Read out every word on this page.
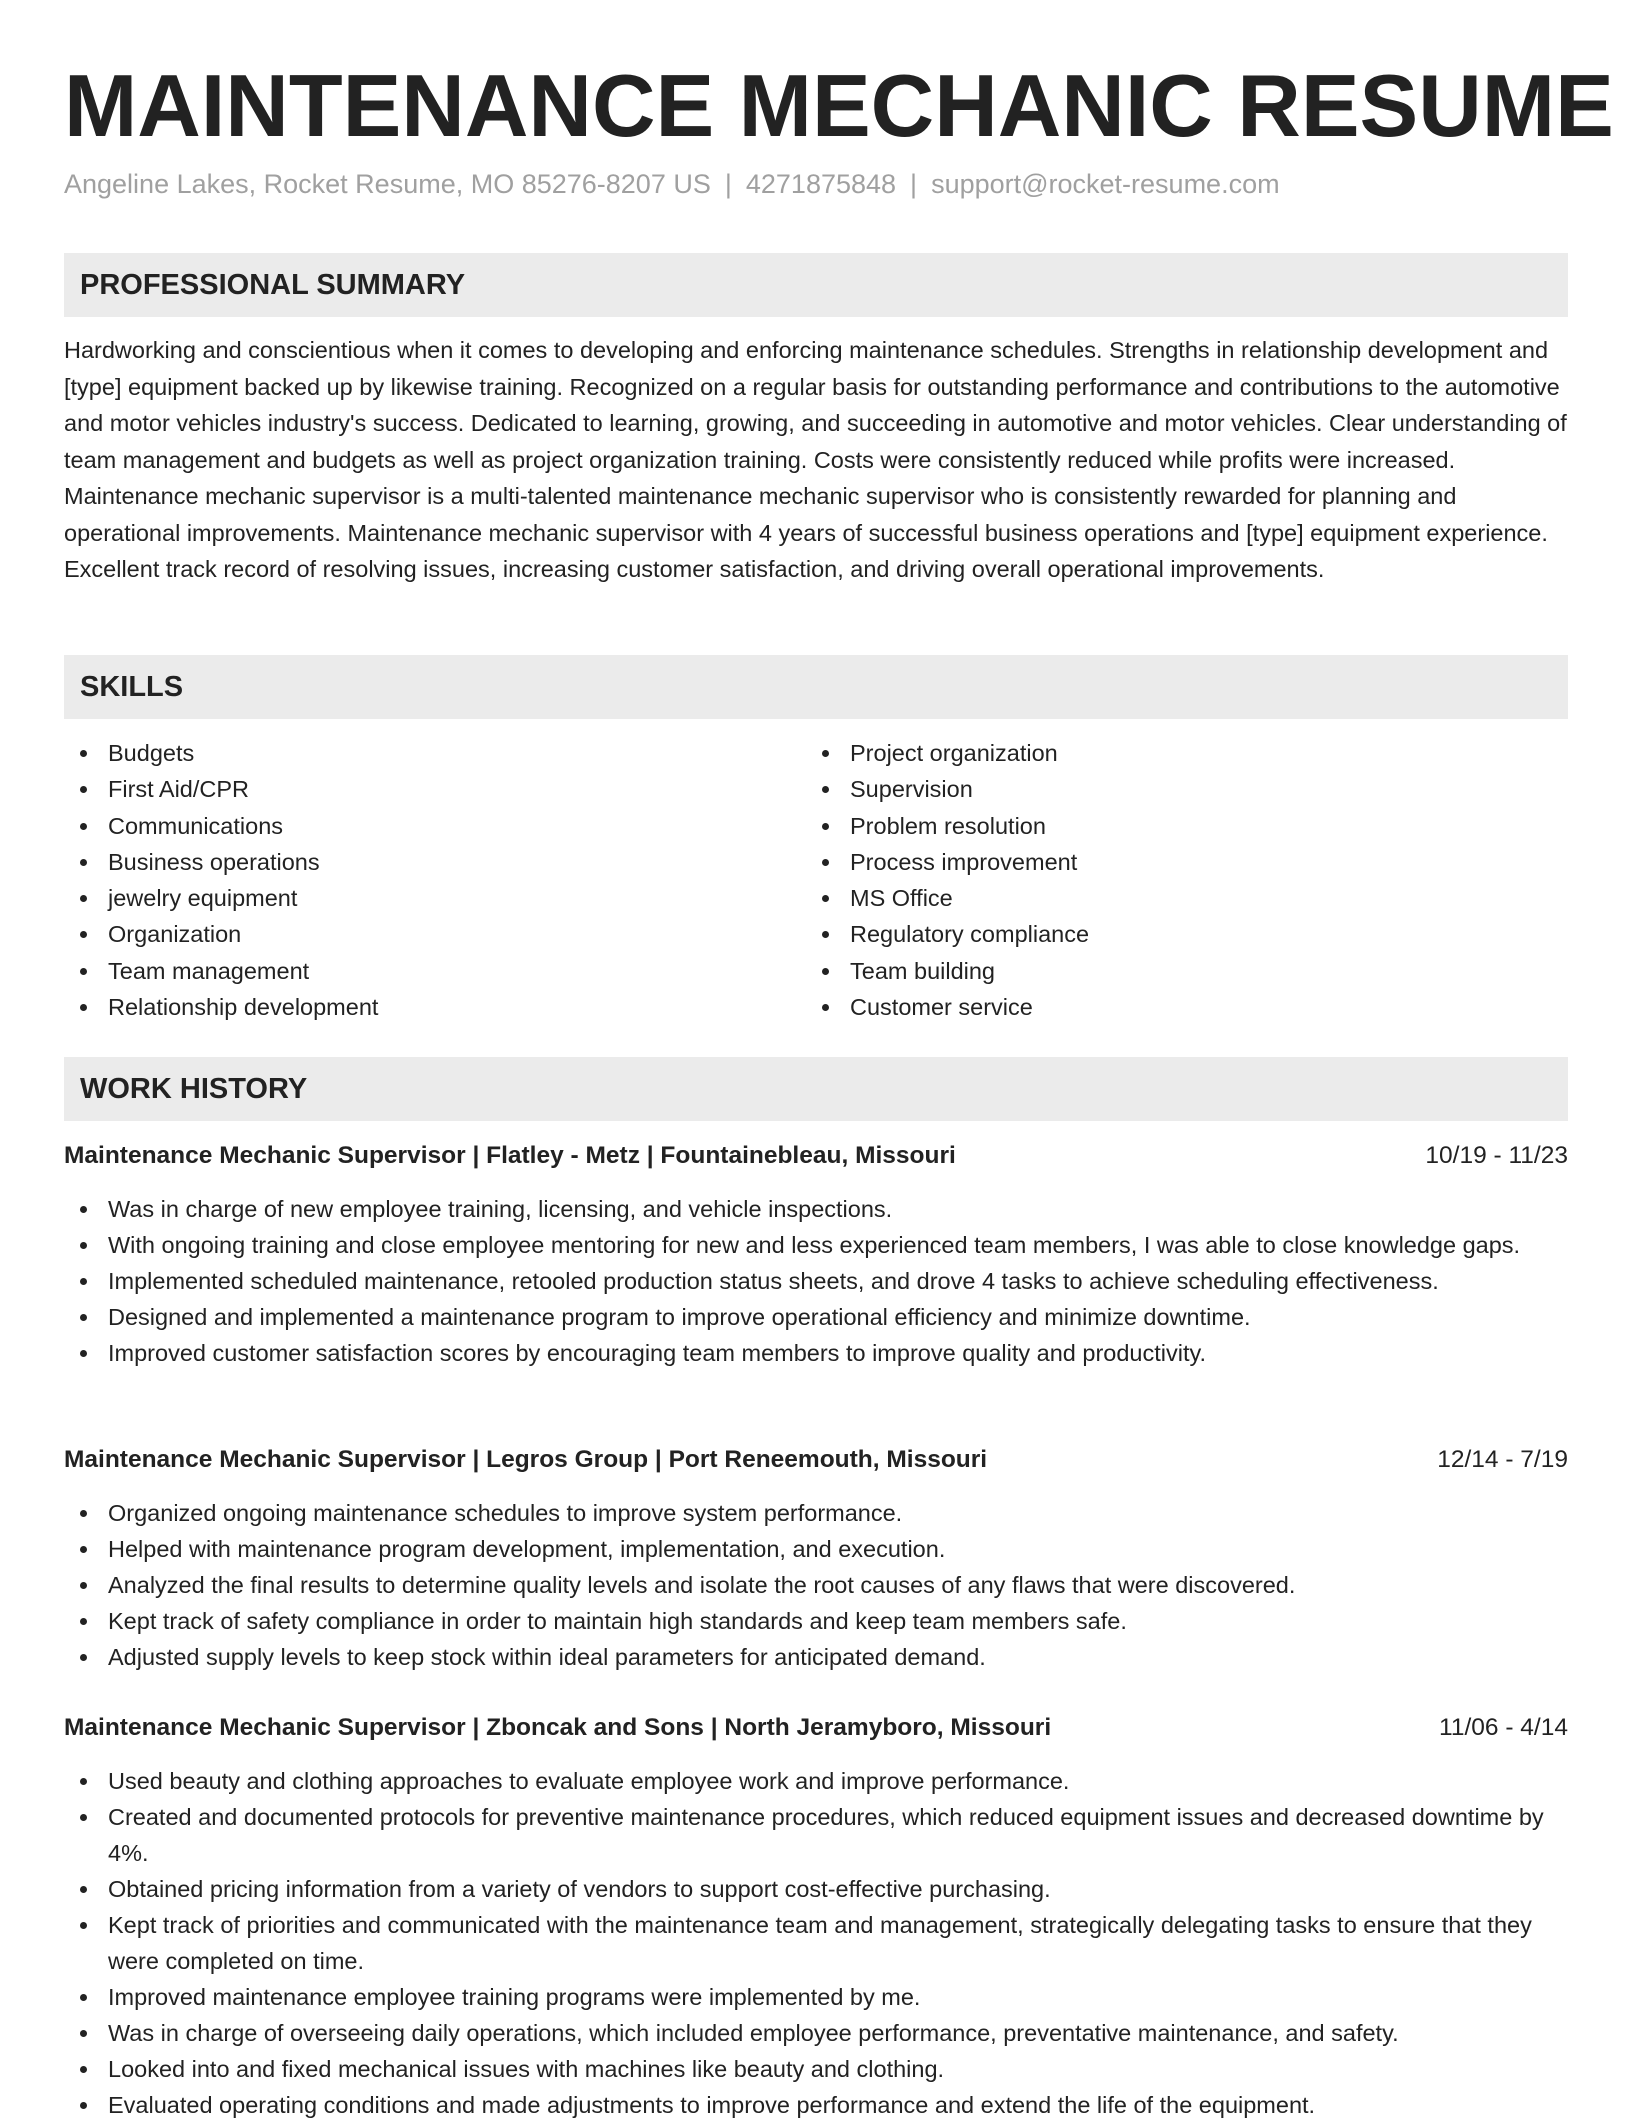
MAINTENANCE MECHANIC RESUME
Angeline Lakes, Rocket Resume, MO 85276-8207 US | 4271875848 | support@rocket-resume.com
PROFESSIONAL SUMMARY

Hardworking and conscientious when it comes to developing and enforcing maintenance schedules. Strengths in relationship development and [type] equipment backed up by likewise training. Recognized on a regular basis for outstanding performance and contributions to the automotive and motor vehicles industry's success. Dedicated to learning, growing, and succeeding in automotive and motor vehicles. Clear understanding of team management and budgets as well as project organization training. Costs were consistently reduced while profits were increased. Maintenance mechanic supervisor is a multi-talented maintenance mechanic supervisor who is consistently rewarded for planning and operational improvements. Maintenance mechanic supervisor with 4 years of successful business operations and [type] equipment experience. Excellent track record of resolving issues, increasing customer satisfaction, and driving overall operational improvements.

SKILLS
Budgets
First Aid/CPR
Communications
Business operations
jewelry equipment
Organization
Team management
Relationship development
Project organization
Supervision
Problem resolution
Process improvement
MS Office
Regulatory compliance
Team building
Customer service
WORK HISTORY
Maintenance Mechanic Supervisor | Flatley - Metz | Fountainebleau, Missouri	10/19 - 11/23
Was in charge of new employee training, licensing, and vehicle inspections.
With ongoing training and close employee mentoring for new and less experienced team members, I was able to close knowledge gaps.
Implemented scheduled maintenance, retooled production status sheets, and drove 4 tasks to achieve scheduling effectiveness.
Designed and implemented a maintenance program to improve operational efficiency and minimize downtime.
Improved customer satisfaction scores by encouraging team members to improve quality and productivity.
Maintenance Mechanic Supervisor | Legros Group | Port Reneemouth, Missouri	12/14 - 7/19
Organized ongoing maintenance schedules to improve system performance.
Helped with maintenance program development, implementation, and execution.
Analyzed the final results to determine quality levels and isolate the root causes of any flaws that were discovered.
Kept track of safety compliance in order to maintain high standards and keep team members safe.
Adjusted supply levels to keep stock within ideal parameters for anticipated demand.
Maintenance Mechanic Supervisor | Zboncak and Sons | North Jeramyboro, Missouri	11/06 - 4/14
Used beauty and clothing approaches to evaluate employee work and improve performance.
Created and documented protocols for preventive maintenance procedures, which reduced equipment issues and decreased downtime by 4%.
Obtained pricing information from a variety of vendors to support cost-effective purchasing.
Kept track of priorities and communicated with the maintenance team and management, strategically delegating tasks to ensure that they were completed on time.
Improved maintenance employee training programs were implemented by me.
Was in charge of overseeing daily operations, which included employee performance, preventative maintenance, and safety.
Looked into and fixed mechanical issues with machines like beauty and clothing.
Evaluated operating conditions and made adjustments to improve performance and extend the life of the equipment.
